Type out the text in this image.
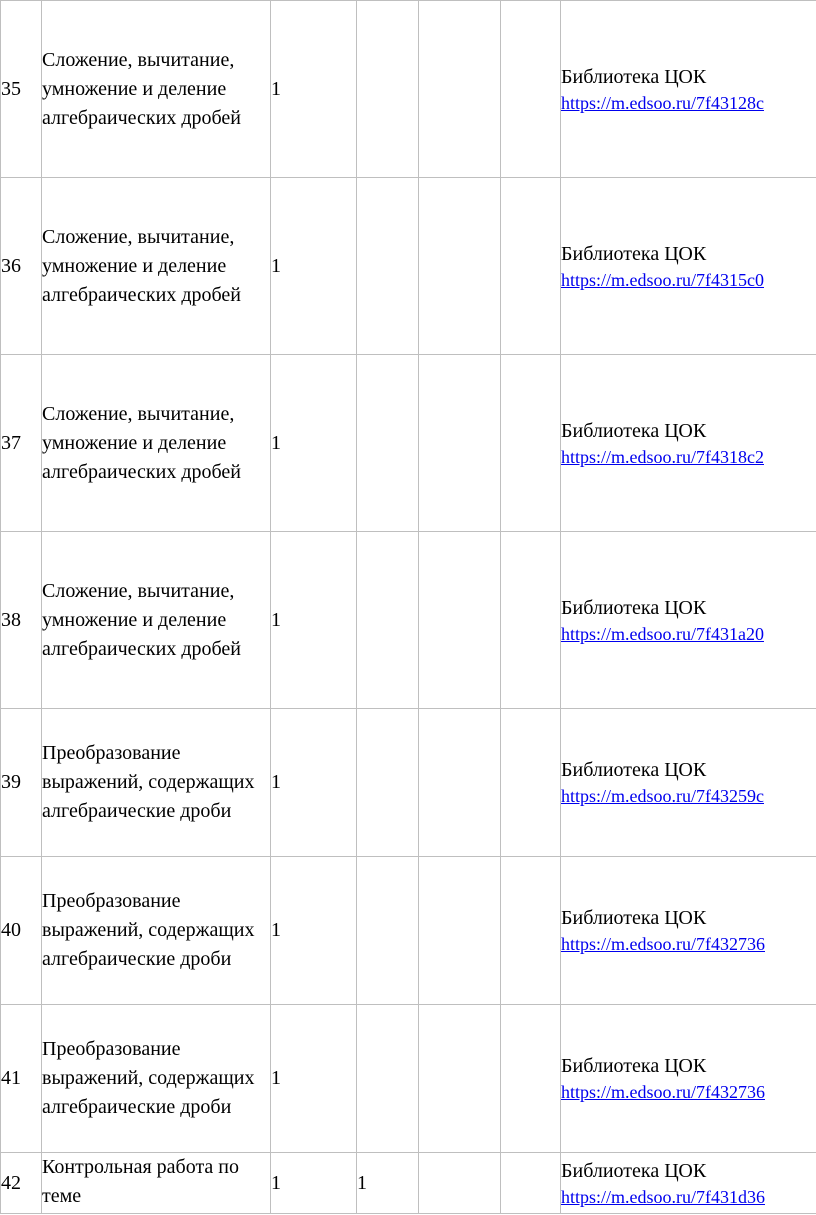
35	Сложение, вычитание, умножение и деление алгебраических дробей	1				Библиотека ЦОК
https://m.edsoo.ru/7f43128c

36	Сложение, вычитание, умножение и деление алгебраических дробей	1				Библиотека ЦОК
https://m.edsoo.ru/7f4315c0

37	Сложение, вычитание, умножение и деление алгебраических дробей	1				Библиотека ЦОК
https://m.edsoo.ru/7f4318c2

38	Сложение, вычитание, умножение и деление алгебраических дробей	1				Библиотека ЦОК
https://m.edsoo.ru/7f431a20

39	Преобразование выражений, содержащих алгебраические дроби	1				Библиотека ЦОК
https://m.edsoo.ru/7f43259c

40	Преобразование выражений, содержащих алгебраические дроби	1				Библиотека ЦОК
https://m.edsoo.ru/7f432736

41	Преобразование выражений, содержащих алгебраические дроби	1				Библиотека ЦОК
https://m.edsoo.ru/7f432736

42	Контрольная работа по теме	1	1			Библиотека ЦОК
https://m.edsoo.ru/7f431d36
